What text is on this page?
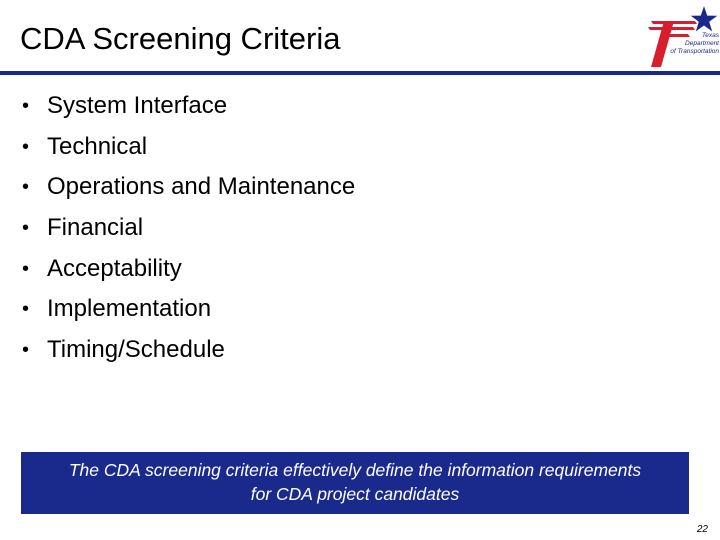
CDA Screening Criteria	Texas
Department
of Transportation
• System Interface
• Technical
• Operations and Maintenance
• Financial
• Acceptability
• Implementation
• Timing/Schedule
The CDA screening criteria effectively define the information requirements
for CDA project candidates
22
